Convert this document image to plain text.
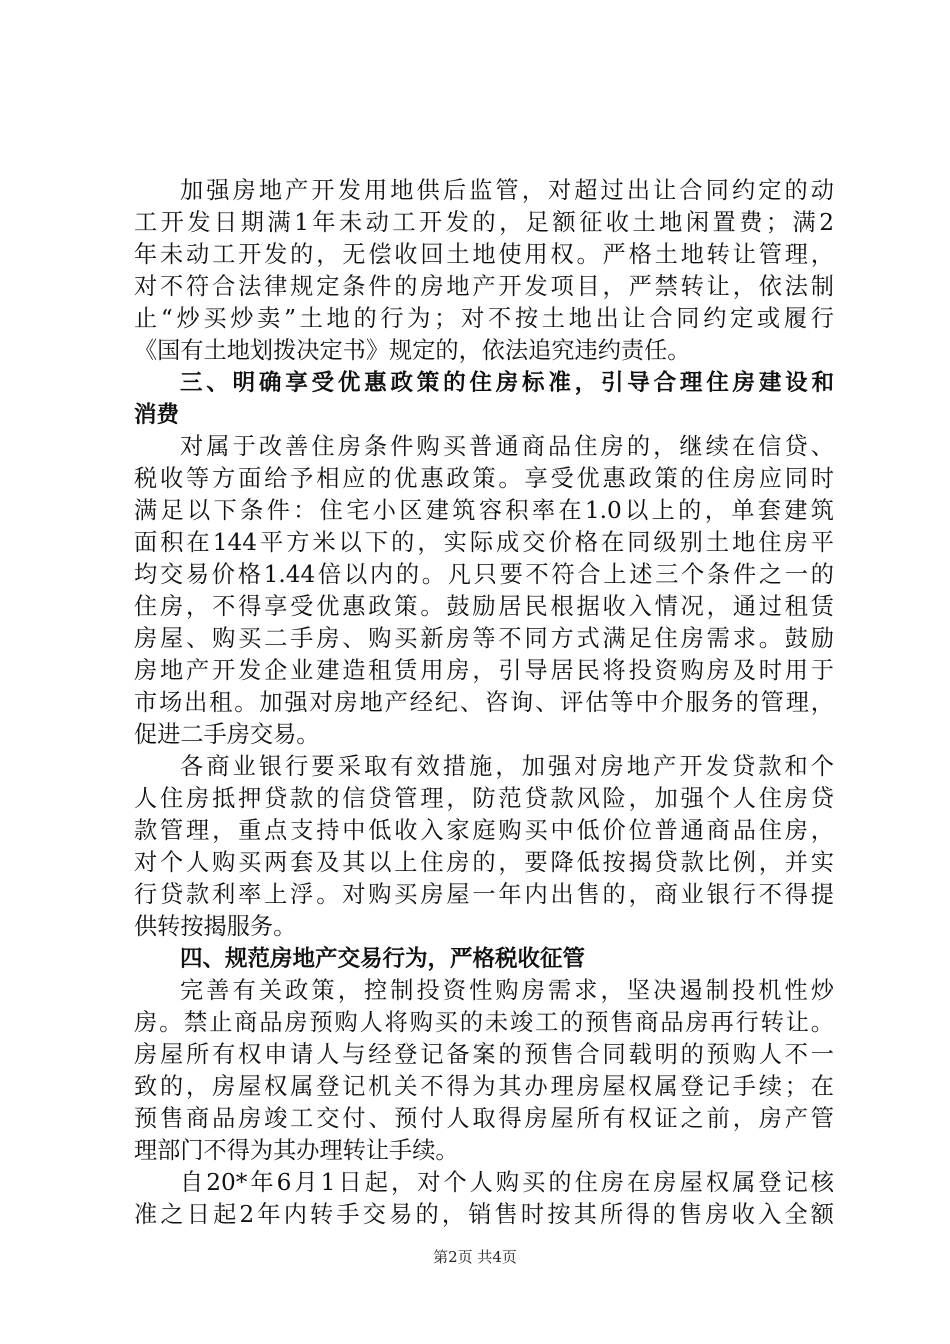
加强房地产开发用地供后监管，对超过出让合同约定的动
工开发日期满1年未动工开发的，足额征收土地闲置费；满2
年未动工开发的，无偿收回土地使用权。严格土地转让管理，
对不符合法律规定条件的房地产开发项目，严禁转让，依法制
止“炒买炒卖”土地的行为；对不按土地出让合同约定或履行
《国有土地划拨决定书》规定的，依法追究违约责任。
三、明确享受优惠政策的住房标准，引导合理住房建设和
消费
对属于改善住房条件购买普通商品住房的，继续在信贷、
税收等方面给予相应的优惠政策。享受优惠政策的住房应同时
满足以下条件：住宅小区建筑容积率在1.0以上的，单套建筑
面积在144平方米以下的，实际成交价格在同级别土地住房平
均交易价格1.44倍以内的。凡只要不符合上述三个条件之一的
住房，不得享受优惠政策。鼓励居民根据收入情况，通过租赁
房屋、购买二手房、购买新房等不同方式满足住房需求。鼓励
房地产开发企业建造租赁用房，引导居民将投资购房及时用于
市场出租。加强对房地产经纪、咨询、评估等中介服务的管理，
促进二手房交易。
各商业银行要采取有效措施，加强对房地产开发贷款和个
人住房抵押贷款的信贷管理，防范贷款风险，加强个人住房贷
款管理，重点支持中低收入家庭购买中低价位普通商品住房，
对个人购买两套及其以上住房的，要降低按揭贷款比例，并实
行贷款利率上浮。对购买房屋一年内出售的，商业银行不得提
供转按揭服务。
四、规范房地产交易行为，严格税收征管
完善有关政策，控制投资性购房需求，坚决遏制投机性炒
房。禁止商品房预购人将购买的未竣工的预售商品房再行转让。
房屋所有权申请人与经登记备案的预售合同载明的预购人不一
致的，房屋权属登记机关不得为其办理房屋权属登记手续；在
预售商品房竣工交付、预付人取得房屋所有权证之前，房产管
理部门不得为其办理转让手续。
自20*年6月1日起，对个人购买的住房在房屋权属登记核
准之日起2年内转手交易的，销售时按其所得的售房收入全额
第2页 共4页
